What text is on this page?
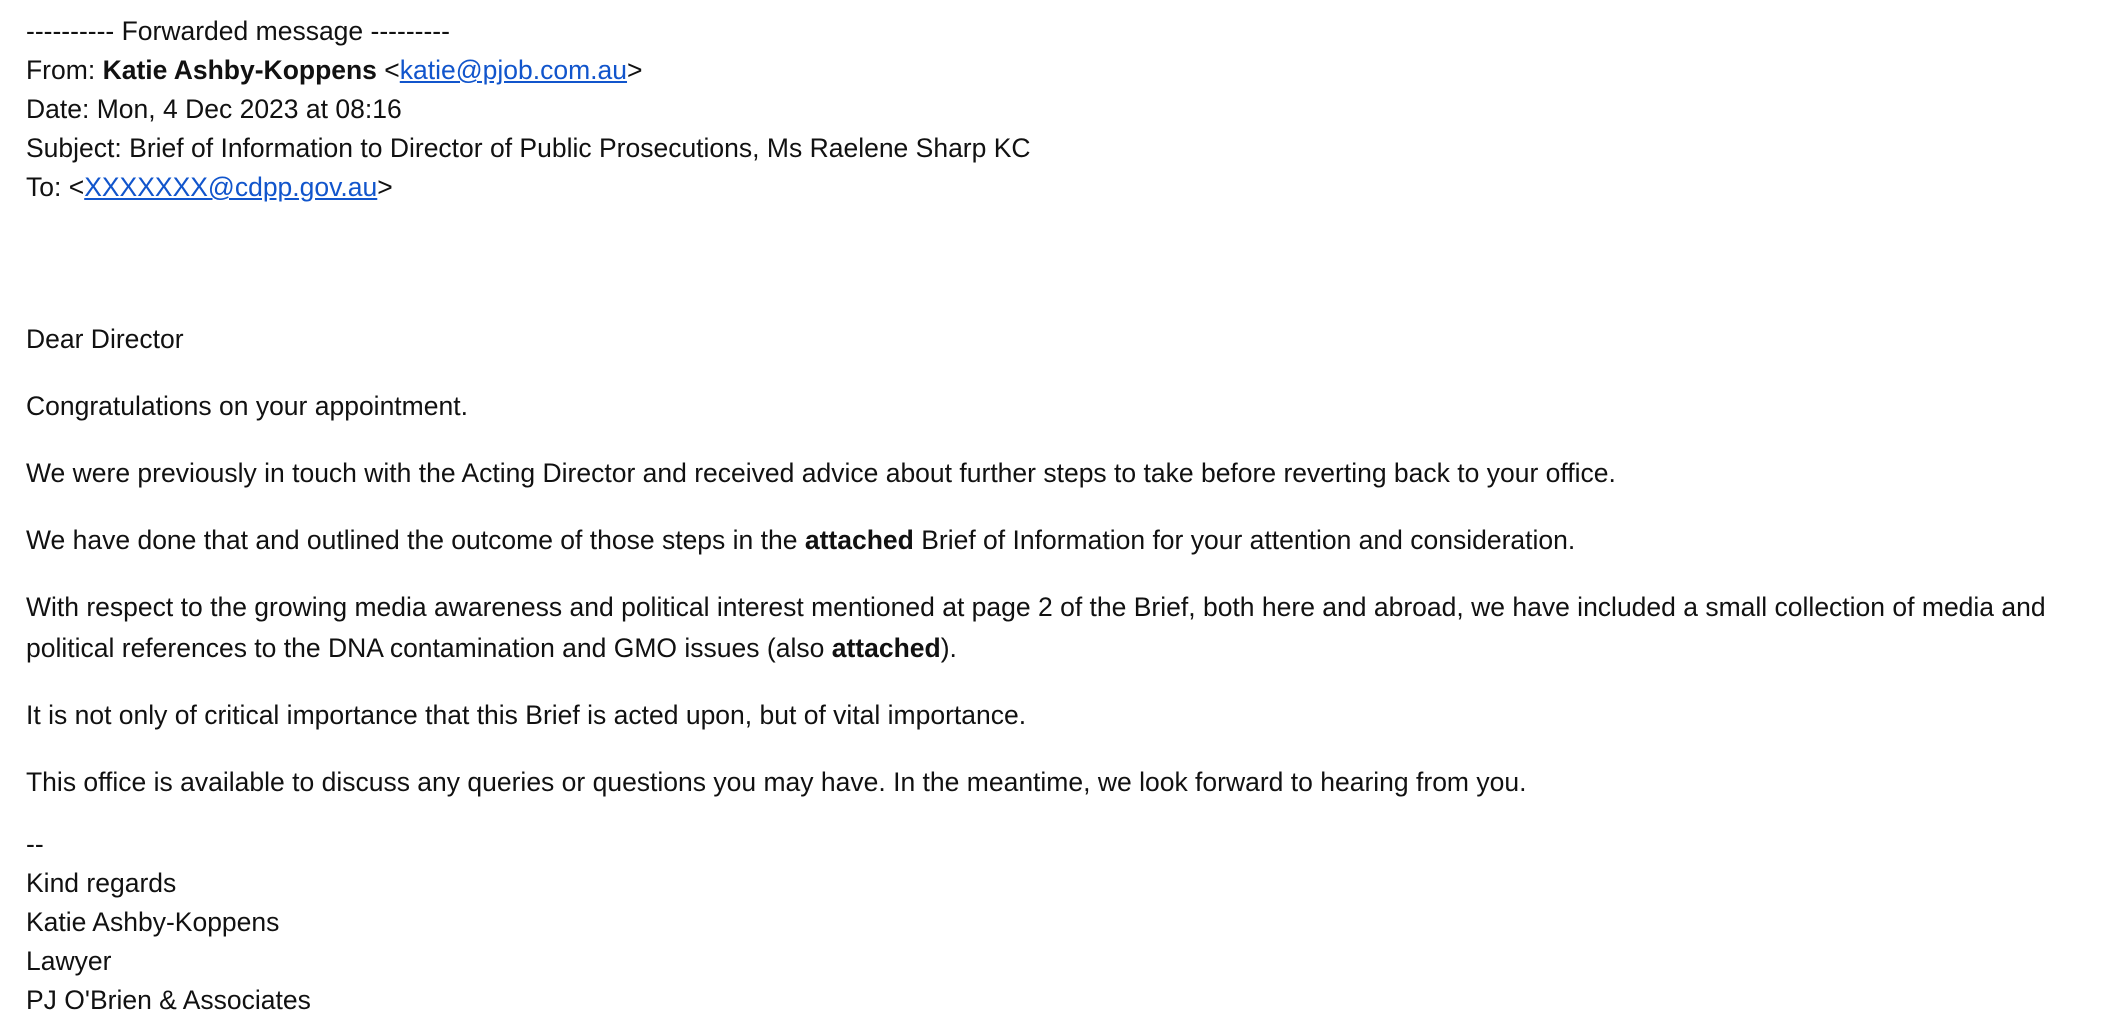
---------- Forwarded message ---------
From: Katie Ashby-Koppens <katie@pjob.com.au>
Date: Mon, 4 Dec 2023 at 08:16
Subject: Brief of Information to Director of Public Prosecutions, Ms Raelene Sharp KC
To: <XXXXXXX@cdpp.gov.au>

Dear Director

Congratulations on your appointment.

We were previously in touch with the Acting Director and received advice about further steps to take before reverting back to your office.

We have done that and outlined the outcome of those steps in the attached Brief of Information for your attention and consideration.

With respect to the growing media awareness and political interest mentioned at page 2 of the Brief, both here and abroad, we have included a small collection of media and political references to the DNA contamination and GMO issues (also attached).

It is not only of critical importance that this Brief is acted upon, but of vital importance.

This office is available to discuss any queries or questions you may have. In the meantime, we look forward to hearing from you.

--
Kind regards
Katie Ashby-Koppens
Lawyer
PJ O'Brien & Associates
